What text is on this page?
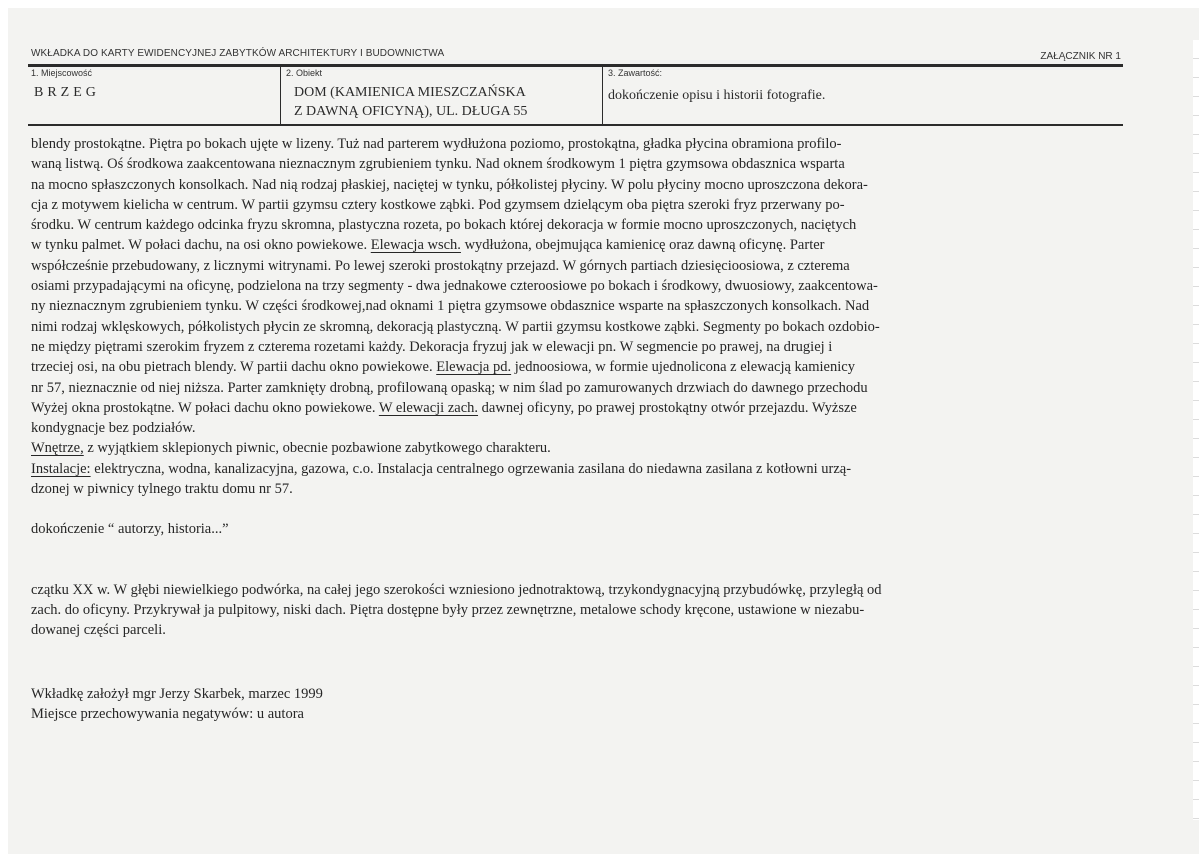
WKŁADKA DO KARTY EWIDENCYJNEJ ZABYTKÓW ARCHITEKTURY I BUDOWNICTWA	ZAŁĄCZNIK NR 1
1. Miejscowość
BRZEG
2. Obiekt
DOM (KAMIENICA MIESZCZAŃSKA
Z DAWNĄ OFICYNĄ), UL. DŁUGA 55
3. Zawartość:
dokończenie opisu i historii fotografie.
blendy prostokątne. Piętra po bokach ujęte w lizeny. Tuż nad parterem wydłużona poziomo, prostokątna, gładka płycina obramiona profilo-
waną listwą. Oś środkowa zaakcentowana nieznacznym zgrubieniem tynku. Nad oknem środkowym 1 piętra gzymsowa obdasznica wsparta
na mocno spłaszczonych konsolkach. Nad nią rodzaj płaskiej, naciętej w tynku, półkolistej płyciny. W polu płyciny mocno uproszczona dekora-
cja z motywem kielicha w centrum. W partii gzymsu cztery kostkowe ząbki. Pod gzymsem dzielącym oba piętra szeroki fryz przerwany po-
środku. W centrum każdego odcinka fryzu skromna, plastyczna rozeta, po bokach której dekoracja w formie mocno uproszczonych, naciętych
w tynku palmet. W połaci dachu, na osi okno powiekowe. Elewacja wsch. wydłużona, obejmująca kamienicę oraz dawną oficynę. Parter
współcześnie przebudowany, z licznymi witrynami. Po lewej szeroki prostokątny przejazd. W górnych partiach dziesięcioosiowa, z czterema
osiami przypadającymi na oficynę, podzielona na trzy segmenty - dwa jednakowe czteroosiowe po bokach i środkowy, dwuosiowy, zaakcentowa-
ny nieznacznym zgrubieniem tynku. W części środkowej,nad oknami 1 piętra gzymsowe obdasznice wsparte na spłaszczonych konsolkach. Nad
nimi rodzaj wklęskowych, półkolistych płycin ze skromną, dekoracją plastyczną. W partii gzymsu kostkowe ząbki. Segmenty po bokach ozdobio-
ne między piętrami szerokim fryzem z czterema rozetami każdy. Dekoracja fryzuj jak w elewacji pn. W segmencie po prawej, na drugiej i
trzeciej osi, na obu pietrach blendy. W partii dachu okno powiekowe. Elewacja pd. jednoosiowa, w formie ujednolicona z elewacją kamienicy
nr 57, nieznacznie od niej niższa. Parter zamknięty drobną, profilowaną opaską; w nim ślad po zamurowanych drzwiach do dawnego przechodu
Wyżej okna prostokątne. W połaci dachu okno powiekowe. W elewacji zach. dawnej oficyny, po prawej prostokątny otwór przejazdu. Wyższe
kondygnacje bez podziałów.
Wnętrze, z wyjątkiem sklepionych piwnic, obecnie pozbawione zabytkowego charakteru.
Instalacje: elektryczna, wodna, kanalizacyjna, gazowa, c.o. Instalacja centralnego ogrzewania zasilana do niedawna zasilana z kotłowni urzą-
dzonej w piwnicy tylnego traktu domu nr 57.
dokończenie “ autorzy, historia...”
czątku XX w. W głębi niewielkiego podwórka, na całej jego szerokości wzniesiono jednotraktową, trzykondygnacyjną przybudówkę, przyległą od
zach. do oficyny. Przykrywał ja pulpitowy, niski dach. Piętra dostępne były przez zewnętrzne, metalowe schody kręcone, ustawione w niezabu-
dowanej części parceli.
Wkładkę założył mgr Jerzy Skarbek, marzec 1999
Miejsce przechowywania negatywów: u autora
